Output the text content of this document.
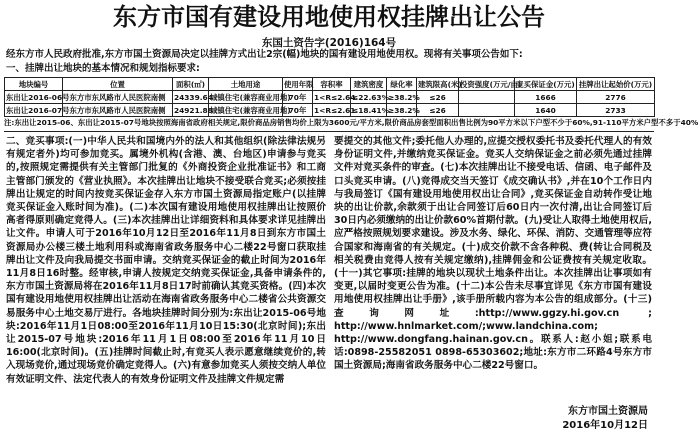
东方市国有建设用地使用权挂牌出让公告
东国土资告字(2016)164号
经东方市人民政府批准,东方市国土资源局决定以挂牌方式出让2宗(幅)地块的国有建设用地使用权。现将有关事项公告如下:
一、挂牌出让地块的基本情况和规划指标要求:
地块编号	位置	面积(㎡)	土地用途	使用年限	容积率	建筑密度	绿化率	建筑限高(米)	投资强度(万元/亩)	竞买保证金(万元)	挂牌出让起始价(万元)
东出让2016-06号	东方市东风路市人民医院南侧	24339.64	城镇住宅(兼容商业用地)	70年	1<R≤2.64	≤22.63%	≥38.2%	≤26		1666	2776
东出让2016-07号	东方市东风路市人民医院南侧	24921.88	城镇住宅(兼容商业用地)	70年	1<R≤2.61	≤18.41%	≥38.2%	≤26		1640	2733
注:东出让2015-06、东出让2015-07号地块按照海南省政府相关规定,限价商品房销售均价上限为3600元/平方米,限价商品房套型面积出售比例为90平方米以下户型不少于60%,91-110平方米户型不多于40%

二、竞买事项:(一)中华人民共和国境内外的法人和其他组织(除法律法规另有规定者外)均可参加竞买。属境外机构(含港、澳、台地区)申请参与竞买的,按照规定需提供有关主管部门批复的《外商投资企业批准证书》和工商主管部门颁发的《营业执照》。本次挂牌出让地块不接受联合竞买;必须按挂牌出让规定的时间内按竞买保证金存入东方市国土资源局指定账户(以挂牌竞买保证金入账时间为准)。(二)本次国有建设用地使用权挂牌出让按照价高者得原则确定竞得人。(三)本次挂牌出让详细资料和具体要求详见挂牌出让文件。申请人可于2016年10月12日至2016年11月8日到东方市国土资源局办公楼三楼土地利用科或海南省政务服务中心二楼22号窗口获取挂牌出让文件及向我局提交书面申请。交纳竞买保证金的截止时间为2016年11月8日16时整。经审核,申请人按规定交纳竞买保证金,具备申请条件的,东方市国土资源局将在2016年11月8日17时前确认其竞买资格。(四)本次国有建设用地使用权挂牌出让活动在海南省政务服务中心二楼省公共资源交易服务中心土地交易厅进行。各地块挂牌时间分别为:东出让2015-06号地块:2016年11月1日08:00至2016年11月10日15:30(北京时间);东出让2015-07号地块:2016年11月1日08:00至2016年11月10日16:00(北京时间)。(五)挂牌时间截止时,有竞买人表示愿意继续竞价的,转入现场竞价,通过现场竞价确定竞得人。(六)有意参加竞买人须按交纳人单位有效证明文件、法定代表人的有效身份证明文件及挂牌文件规定需

要提交的其他文件;委托他人办理的,应提交授权委托书及委托代理人的有效身份证明文件,并缴纳竞买保证金。竞买人交纳保证金之前必须先通过挂牌文件对竞买条件的审查。(七)本次挂牌出让不接受电话、信函、电子邮件及口头竞买申请。(八)竞得成交当天签订《成交确认书》,并在10个工作日内与我局签订《国有建设用地使用权出让合同》,竞买保证金自动转作受让地块的出让价款,余款须于出让合同签订后60日内一次付清,出让合同签订后30日内必须缴纳的出让价款60%首期付款。(九)受让人取得土地使用权后,应严格按照规划要求建设。涉及水务、绿化、环保、消防、交通管理等应符合国家和海南省的有关规定。(十)成交价款不含各种税、费(转让合同税及相关税费由竞得人按有关规定缴纳),挂牌佣金和公证费按有关规定收取。(十一)其它事项:挂牌的地块以现状土地条件出让。本次挂牌出让事项如有变更,以届时变更公告为准。(十二)本公告未尽事宜详见《东方市国有建设用地使用权挂牌出让手册》,该手册所载内容为本公告的组成部分。(十三)查询网址:http://www.ggzy.hi.gov.cn ; http://www.hnlmarket.com/;www.landchina.com; http://www.dongfang.hainan.gov.cn。联系人:赵小姐;联系电话:0898-25582051 0898-65303602;地址:东方市二环路4号东方市国土资源局;海南省政务服务中心二楼22号窗口。

东方市国土资源局
2016年10月12日
